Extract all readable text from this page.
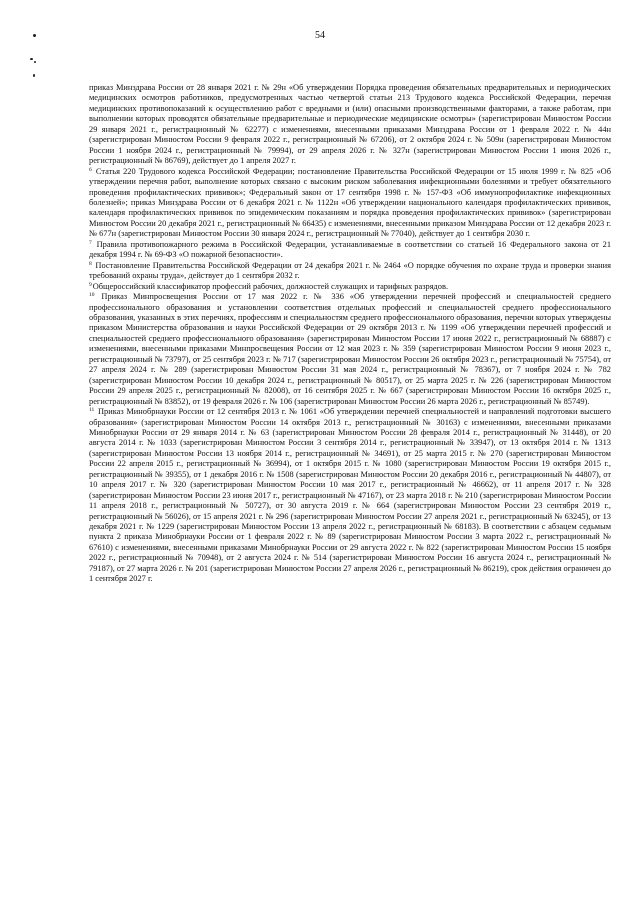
54

приказ Минздрава России от 28 января 2021 г. № 29н «Об утверждении Порядка проведения обязательных предварительных и периодических медицинских осмотров работников, предусмотренных частью четвертой статьи 213 Трудового кодекса Российской Федерации, перечня медицинских противопоказаний к осуществлению работ с вредными и (или) опасными производственными факторами, а также работам, при выполнении которых проводятся обязательные предварительные и периодические медицинские осмотры» (зарегистрирован Минюстом России 29 января 2021 г., регистрационный № 62277) с изменениями, внесенными приказами Минздрава России от 1 февраля 2022 г. № 44н (зарегистрирован Минюстом России 9 февраля 2022 г., регистрационный № 67206), от 2 октября 2024 г. № 509н (зарегистрирован Минюстом России 1 ноября 2024 г., регистрационный № 79994), от 29 апреля 2026 г. № 327н (зарегистрирован Минюстом России 1 июня 2026 г., регистрационный № 86769), действует до 1 апреля 2027 г.

$^6$ Статья 220 Трудового кодекса Российской Федерации; постановление Правительства Российской Федерации от 15 июля 1999 г. № 825 «Об утверждении перечня работ, выполнение которых связано с высоким риском заболевания инфекционными болезнями и требует обязательного проведения профилактических прививок»; Федеральный закон от 17 сентября 1998 г. № 157-ФЗ «Об иммунопрофилактике инфекционных болезней»; приказ Минздрава России от 6 декабря 2021 г. № 1122н «Об утверждении национального календаря профилактических прививок, календаря профилактических прививок по эпидемическим показаниям и порядка проведения профилактических прививок» (зарегистрирован Минюстом России 20 декабря 2021 г., регистрационный № 66435) с изменениями, внесенными приказом Минздрава России от 12 декабря 2023 г. № 677н (зарегистрирован Минюстом России 30 января 2024 г., регистрационный № 77040), действует до 1 сентября 2030 г.

$^7$ Правила противопожарного режима в Российской Федерации, устанавливаемые в соответствии со статьей 16 Федерального закона от 21 декабря 1994 г. № 69-ФЗ «О пожарной безопасности».

$^8$ Постановление Правительства Российской Федерации от 24 декабря 2021 г. № 2464 «О порядке обучения по охране труда и проверки знания требований охраны труда», действует до 1 сентября 2032 г.

$^9$Общероссийский классификатор профессий рабочих, должностей служащих и тарифных разрядов.

$^{10}$ Приказ Минпросвещения России от 17 мая 2022 г. № 336 «Об утверждении перечней профессий и специальностей среднего профессионального образования и установлении соответствия отдельных профессий и специальностей среднего профессионального образования, указанных в этих перечнях, профессиям и специальностям среднего профессионального образования, перечни которых утверждены приказом Министерства образования и науки Российской Федерации от 29 октября 2013 г. № 1199 «Об утверждении перечней профессий и специальностей среднего профессионального образования» (зарегистрирован Минюстом России 17 июня 2022 г., регистрационный № 68887) с изменениями, внесенными приказами Минпросвещения России от 12 мая 2023 г. № 359 (зарегистрирован Минюстом России 9 июня 2023 г., регистрационный № 73797), от 25 сентября 2023 г. № 717 (зарегистрирован Минюстом России 26 октября 2023 г., регистрационный № 75754), от 27 апреля 2024 г. № 289 (зарегистрирован Минюстом России 31 мая 2024 г., регистрационный № 78367), от 7 ноября 2024 г. № 782 (зарегистрирован Минюстом России 10 декабря 2024 г., регистрационный № 80517), от 25 марта 2025 г. № 226 (зарегистрирован Минюстом России 29 апреля 2025 г., регистрационный № 82008), от 16 сентября 2025 г. № 667 (зарегистрирован Минюстом России 16 октября 2025 г., регистрационный № 83852), от 19 февраля 2026 г. № 106 (зарегистрирован Минюстом России 26 марта 2026 г., регистрационный № 85749).

$^{11}$ Приказ Минобрнауки России от 12 сентября 2013 г. № 1061 «Об утверждении перечней специальностей и направлений подготовки высшего образования» (зарегистрирован Минюстом России 14 октября 2013 г., регистрационный № 30163) с изменениями, внесенными приказами Минобрнауки России от 29 января 2014 г. № 63 (зарегистрирован Минюстом России 28 февраля 2014 г., регистрационный № 31448), от 20 августа 2014 г. № 1033 (зарегистрирован Минюстом России 3 сентября 2014 г., регистрационный № 33947), от 13 октября 2014 г. № 1313 (зарегистрирован Минюстом России 13 ноября 2014 г., регистрационный № 34691), от 25 марта 2015 г. № 270 (зарегистрирован Минюстом России 22 апреля 2015 г., регистрационный № 36994), от 1 октября 2015 г. № 1080 (зарегистрирован Минюстом России 19 октября 2015 г., регистрационный № 39355), от 1 декабря 2016 г. № 1508 (зарегистрирован Минюстом России 20 декабря 2016 г., регистрационный № 44807), от 10 апреля 2017 г. № 320 (зарегистрирован Минюстом России 10 мая 2017 г., регистрационный № 46662), от 11 апреля 2017 г. № 328 (зарегистрирован Минюстом России 23 июня 2017 г., регистрационный № 47167), от 23 марта 2018 г. № 210 (зарегистрирован Минюстом России 11 апреля 2018 г., регистрационный № 50727), от 30 августа 2019 г. № 664 (зарегистрирован Минюстом России 23 сентября 2019 г., регистрационный № 56026), от 15 апреля 2021 г. № 296 (зарегистрирован Минюстом России 27 апреля 2021 г., регистрационный № 63245), от 13 декабря 2021 г. № 1229 (зарегистрирован Минюстом России 13 апреля 2022 г., регистрационный № 68183). В соответствии с абзацем седьмым пункта 2 приказа Минобрнауки России от 1 февраля 2022 г. № 89 (зарегистрирован Минюстом России 3 марта 2022 г., регистрационный № 67610) с изменениями, внесенными приказами Минобрнауки России от 29 августа 2022 г. № 822 (зарегистрирован Минюстом России 15 ноября 2022 г., регистрационный № 70948), от 2 августа 2024 г. № 514 (зарегистрирован Минюстом России 16 августа 2024 г., регистрационный № 79187), от 27 марта 2026 г. № 201 (зарегистрирован Минюстом России 27 апреля 2026 г., регистрационный № 86219), срок действия ограничен до 1 сентября 2027 г.
